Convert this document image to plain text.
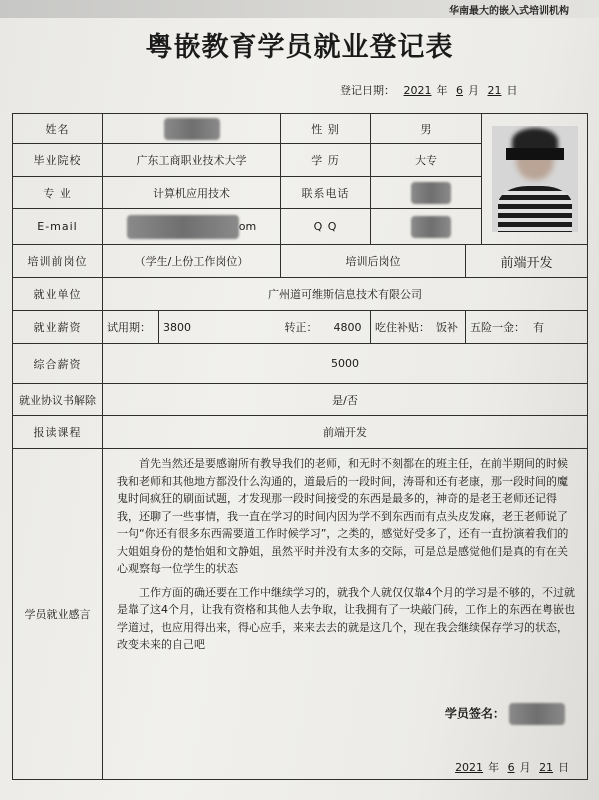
华南最大的嵌入式培训机构
粤嵌教育学员就业登记表
登记日期： 2021 年 6 月 21 日
姓名			性 别	男		

毕业院校	广东工商职业技术大学		学 历	大专		
专 业	计算机应用技术		联系电话			
E-mail	om		Q Q			
培训前岗位	（学生/上份工作岗位）		培训后岗位		前端开发	
就业单位	广州道可维斯信息技术有限公司					
就业薪资	试用期：	3800	转正： 4800	吃住补贴： 饭补	五险一金： 有	
综合薪资	5000					
就业协议书解除	是/否					
报读课程	前端开发					
学员就业感言	首先当然还是要感谢所有教导我们的老师，和无时不刻都在的班主任，在前半期间的时候我和老师和其他地方都没什么沟通的，道最后的一段时间，涛哥和还有老康，那一段时间的魔鬼时间疯狂的刷面试题，才发现那一段时间接受的东西是最多的，神奇的是老王老师还记得我，还聊了一些事情，我一直在学习的时间内因为学不到东西而有点头皮发麻，老王老师说了一句“你还有很多东西需要道工作时候学习”，之类的，感觉好受多了，还有一直扮演着我们的大姐姐身份的楚怡姐和文静姐，虽然平时并没有太多的交际，可是总是感觉他们是真的有在关心观察每一位学生的状态

工作方面的确还要在工作中继续学习的，就我个人就仅仅靠4个月的学习是不够的，不过就是靠了这4个月，让我有资格和其他人去争取，让我拥有了一块敲门砖，工作上的东西在粤嵌也学道过，也应用得出来，得心应手，来来去去的就是这几个，现在我会继续保存学习的状态，改变未来的自己吧

学员签名：
2021 年 6 月 21 日					
